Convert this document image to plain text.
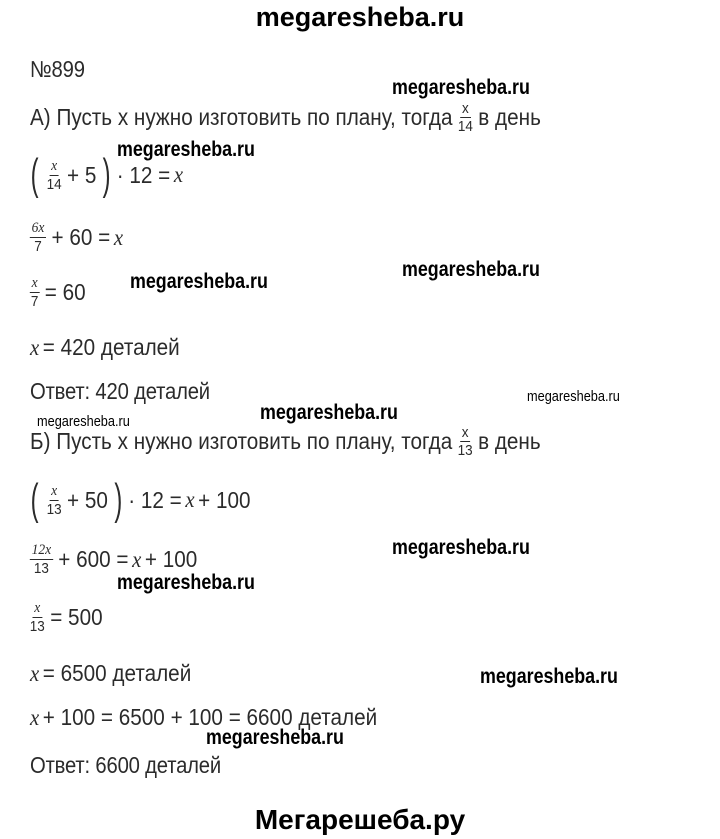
megaresheba.ru
№899
megaresheba.ru
megaresheba.ru
megaresheba.ru
megaresheba.ru
megaresheba.ru
megaresheba.ru	megaresheba.ru
megaresheba.ru
megaresheba.ru
megaresheba.ru
megaresheba.ru
А) Пусть х нужно изготовить по плану, тогда $\frac{x}{14}$ в день
( $\frac{x}{14} + 5$ ) · 12 = x
$\frac{6x}{7} + 60 = x$
$\frac{x}{7} = 60$
x = 420 деталей
Ответ: 420 деталей
Б) Пусть х нужно изготовить по плану, тогда $\frac{x}{13}$ в день
( $\frac{x}{13} + 50$ ) · 12 = x + 100
$\frac{12x}{13} + 600 = x + 100$
$\frac{x}{13} = 500$
x = 6500 деталей
x + 100 = 6500 + 100 = 6600 деталей
Ответ: 6600 деталей
Мегарешеба.ру
